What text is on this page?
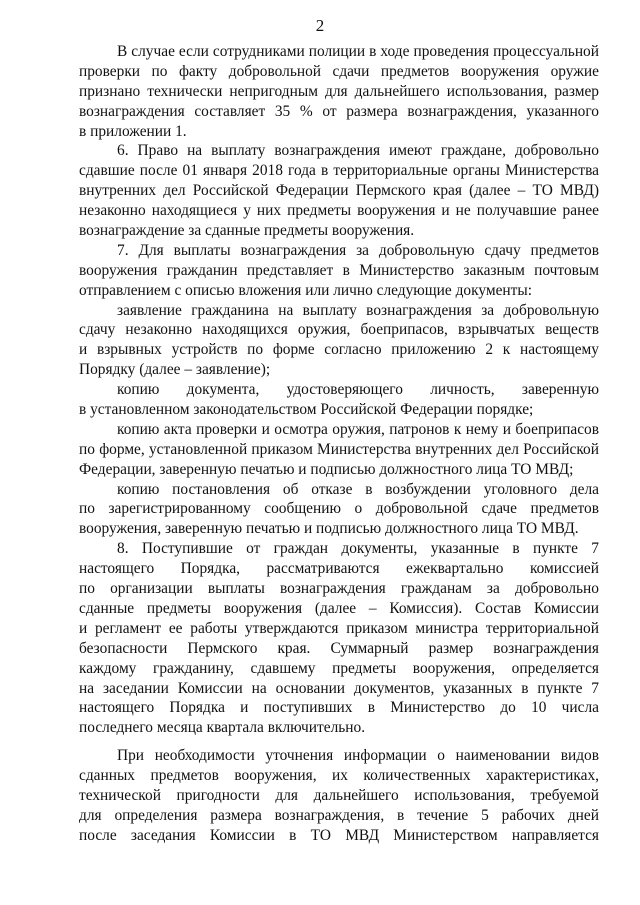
2
В случае если сотрудниками полиции в ходе проведения процессуальной
проверки по факту добровольной сдачи предметов вооружения оружие
признано технически непригодным для дальнейшего использования, размер
вознаграждения составляет 35 % от размера вознаграждения, указанного
в приложении 1.
6. Право на выплату вознаграждения имеют граждане, добровольно
сдавшие после 01 января 2018 года в территориальные органы Министерства
внутренних дел Российской Федерации Пермского края (далее – ТО МВД)
незаконно находящиеся у них предметы вооружения и не получавшие ранее
вознаграждение за сданные предметы вооружения.
7. Для выплаты вознаграждения за добровольную сдачу предметов
вооружения гражданин представляет в Министерство заказным почтовым
отправлением с описью вложения или лично следующие документы:
заявление гражданина на выплату вознаграждения за добровольную
сдачу незаконно находящихся оружия, боеприпасов, взрывчатых веществ
и взрывных устройств по форме согласно приложению 2 к настоящему
Порядку (далее – заявление);
копию документа, удостоверяющего личность, заверенную
в установленном законодательством Российской Федерации порядке;
копию акта проверки и осмотра оружия, патронов к нему и боеприпасов
по форме, установленной приказом Министерства внутренних дел Российской
Федерации, заверенную печатью и подписью должностного лица ТО МВД;
копию постановления об отказе в возбуждении уголовного дела
по зарегистрированному сообщению о добровольной сдаче предметов
вооружения, заверенную печатью и подписью должностного лица ТО МВД.
8. Поступившие от граждан документы, указанные в пункте 7
настоящего Порядка, рассматриваются ежеквартально комиссией
по организации выплаты вознаграждения гражданам за добровольно
сданные предметы вооружения (далее – Комиссия). Состав Комиссии
и регламент ее работы утверждаются приказом министра территориальной
безопасности Пермского края. Суммарный размер вознаграждения
каждому гражданину, сдавшему предметы вооружения, определяется
на заседании Комиссии на основании документов, указанных в пункте 7
настоящего Порядка и поступивших в Министерство до 10 числа
последнего месяца квартала включительно.
При необходимости уточнения информации о наименовании видов
сданных предметов вооружения, их количественных характеристиках,
технической пригодности для дальнейшего использования, требуемой
для определения размера вознаграждения, в течение 5 рабочих дней
после заседания Комиссии в ТО МВД Министерством направляется
